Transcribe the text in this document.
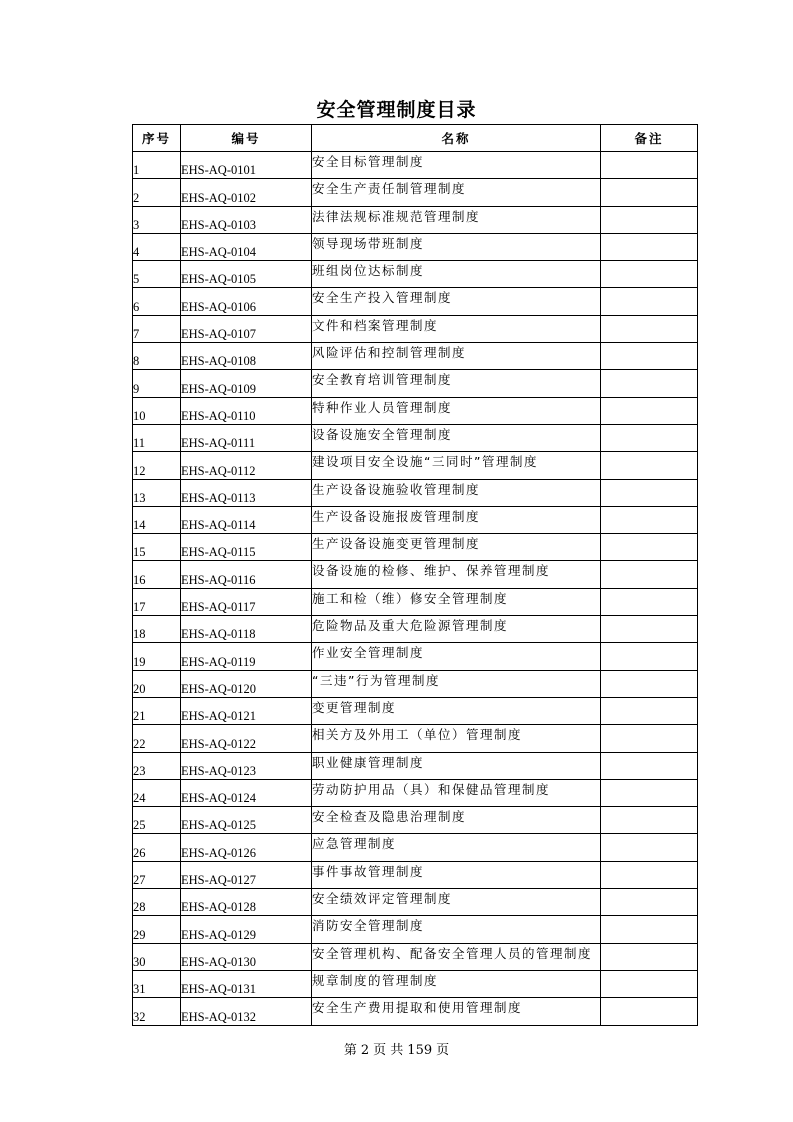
安全管理制度目录
序号	编号	名称	备注
1	EHS-AQ-0101	安全目标管理制度	
2	EHS-AQ-0102	安全生产责任制管理制度	
3	EHS-AQ-0103	法律法规标准规范管理制度	
4	EHS-AQ-0104	领导现场带班制度	
5	EHS-AQ-0105	班组岗位达标制度	
6	EHS-AQ-0106	安全生产投入管理制度	
7	EHS-AQ-0107	文件和档案管理制度	
8	EHS-AQ-0108	风险评估和控制管理制度	
9	EHS-AQ-0109	安全教育培训管理制度	
10	EHS-AQ-0110	特种作业人员管理制度	
11	EHS-AQ-0111	设备设施安全管理制度	
12	EHS-AQ-0112	建设项目安全设施“三同时”管理制度	
13	EHS-AQ-0113	生产设备设施验收管理制度	
14	EHS-AQ-0114	生产设备设施报废管理制度	
15	EHS-AQ-0115	生产设备设施变更管理制度	
16	EHS-AQ-0116	设备设施的检修、维护、保养管理制度	
17	EHS-AQ-0117	施工和检（维）修安全管理制度	
18	EHS-AQ-0118	危险物品及重大危险源管理制度	
19	EHS-AQ-0119	作业安全管理制度	
20	EHS-AQ-0120	“三违”行为管理制度	
21	EHS-AQ-0121	变更管理制度	
22	EHS-AQ-0122	相关方及外用工（单位）管理制度	
23	EHS-AQ-0123	职业健康管理制度	
24	EHS-AQ-0124	劳动防护用品（具）和保健品管理制度	
25	EHS-AQ-0125	安全检查及隐患治理制度	
26	EHS-AQ-0126	应急管理制度	
27	EHS-AQ-0127	事件事故管理制度	
28	EHS-AQ-0128	安全绩效评定管理制度	
29	EHS-AQ-0129	消防安全管理制度	
30	EHS-AQ-0130	安全管理机构、配备安全管理人员的管理制度	
31	EHS-AQ-0131	规章制度的管理制度	
32	EHS-AQ-0132	安全生产费用提取和使用管理制度	
第 2 页 共 159 页
